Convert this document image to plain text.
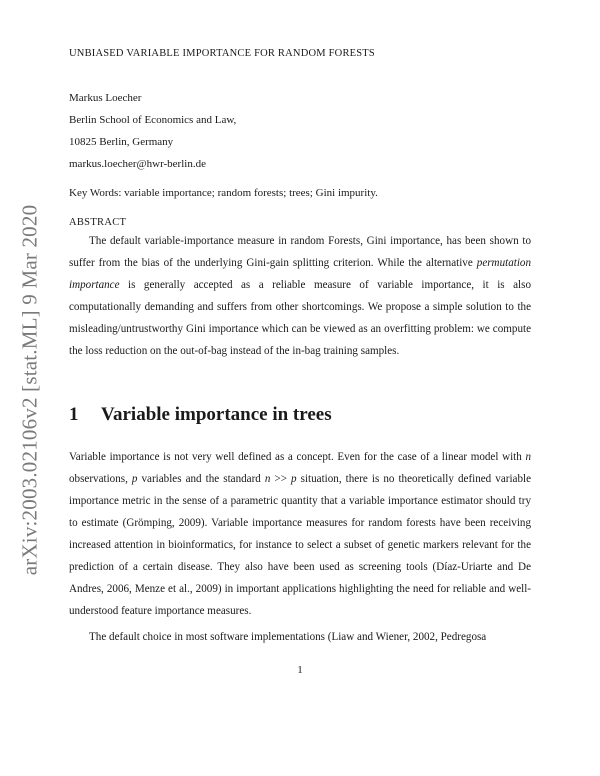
arXiv:2003.02106v2 [stat.ML] 9 Mar 2020
UNBIASED VARIABLE IMPORTANCE FOR RANDOM FORESTS
Markus Loecher
Berlin School of Economics and Law,
10825 Berlin, Germany
markus.loecher@hwr-berlin.de
Key Words: variable importance; random forests; trees; Gini impurity.
ABSTRACT

The default variable-importance measure in random Forests, Gini importance, has been shown to suffer from the bias of the underlying Gini-gain splitting criterion. While the alternative permutation importance is generally accepted as a reliable measure of variable importance, it is also computationally demanding and suffers from other shortcomings. We propose a simple solution to the misleading/untrustworthy Gini importance which can be viewed as an overfitting problem: we compute the loss reduction on the out-of-bag instead of the in-bag training samples.

1 Variable importance in trees

Variable importance is not very well defined as a concept. Even for the case of a linear model with n observations, p variables and the standard n >> p situation, there is no theoretically defined variable importance metric in the sense of a parametric quantity that a variable importance estimator should try to estimate (Grömping, 2009). Variable importance measures for random forests have been receiving increased attention in bioinformatics, for instance to select a subset of genetic markers relevant for the prediction of a certain disease. They also have been used as screening tools (Díaz-Uriarte and De Andres, 2006, Menze et al., 2009) in important applications highlighting the need for reliable and well-understood feature importance measures.

The default choice in most software implementations (Liaw and Wiener, 2002, Pedregosa

1
